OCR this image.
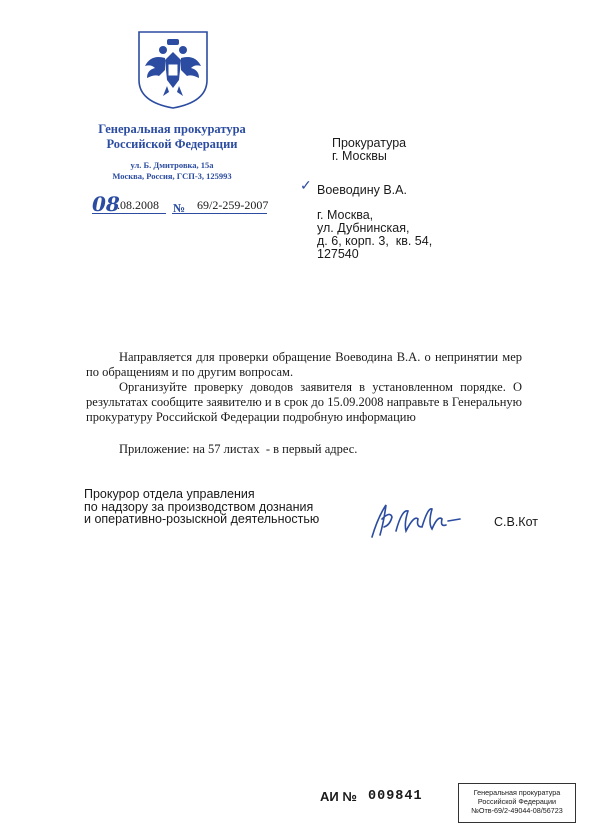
Генеральная прокуратура
Российской Федерации
ул. Б. Дмитровка, 15а
Москва, Россия, ГСП-3, 125993
08
.08.2008 № 69/2-259-2007
Прокуратура
г. Москвы
✓ Воеводину В.А.
г. Москва,
ул. Дубнинская,
д. 6, корп. 3,  кв. 54,
127540
Направляется для проверки обращение Воеводина В.А. о непринятии мер по обращениям и по другим вопросам.
Организуйте проверку доводов заявителя в установленном порядке. О результатах сообщите заявителю и в срок до 15.09.2008 направьте в Генеральную прокуратуру Российской Федерации подробную информацию
Приложение: на 57 листах  - в первый адрес.
Прокурор отдела управления
по надзору за производством дознания
и оперативно-розыскной деятельностью	С.В.Кот
АИ № 009841	Генеральная прокуратура
Российской Федерации
№Отв-69/2-49044-08/56723
